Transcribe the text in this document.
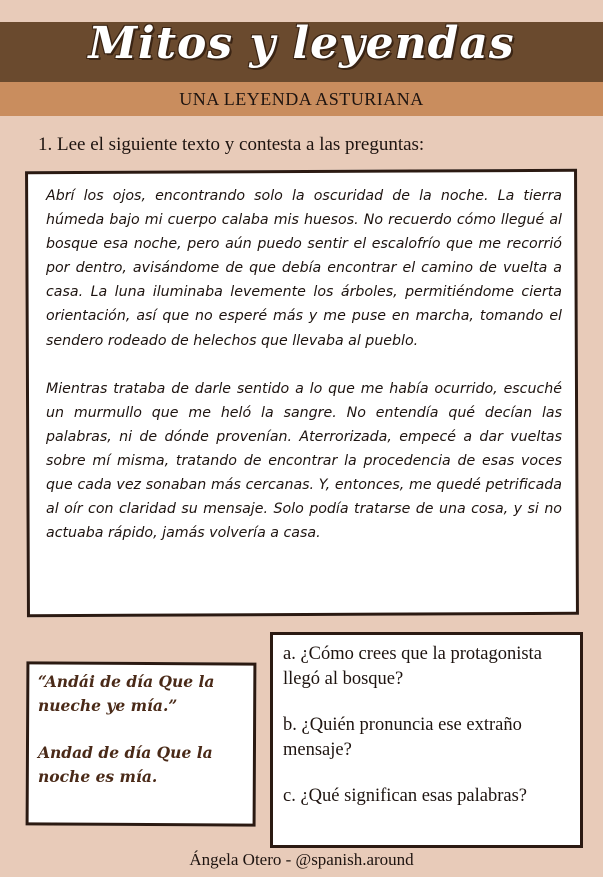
Mitos y leyendas
UNA LEYENDA ASTURIANA
1. Lee el siguiente texto y contesta a las preguntas:

Abrí los ojos, encontrando solo la oscuridad de la noche. La tierra húmeda bajo mi cuerpo calaba mis huesos. No recuerdo cómo llegué al bosque esa noche, pero aún puedo sentir el escalofrío que me recorrió por dentro, avisándome de que debía encontrar el camino de vuelta a casa. La luna iluminaba levemente los árboles, permitiéndome cierta orientación, así que no esperé más y me puse en marcha, tomando el sendero rodeado de helechos que llevaba al pueblo.

Mientras trataba de darle sentido a lo que me había ocurrido, escuché un murmullo que me heló la sangre. No entendía qué decían las palabras, ni de dónde provenían. Aterrorizada, empecé a dar vueltas sobre mí misma, tratando de encontrar la procedencia de esas voces que cada vez sonaban más cercanas. Y, entonces, me quedé petrificada al oír con claridad su mensaje. Solo podía tratarse de una cosa, y si no actuaba rápido, jamás volvería a casa.

“Andái de día Que la nueche ye mía.”
Andad de día Que la noche es mía.
a. ¿Cómo crees que la protagonista llegó al bosque?
b. ¿Quién pronuncia ese extraño mensaje?
c. ¿Qué significan esas palabras?
Ángela Otero - @spanish.around
